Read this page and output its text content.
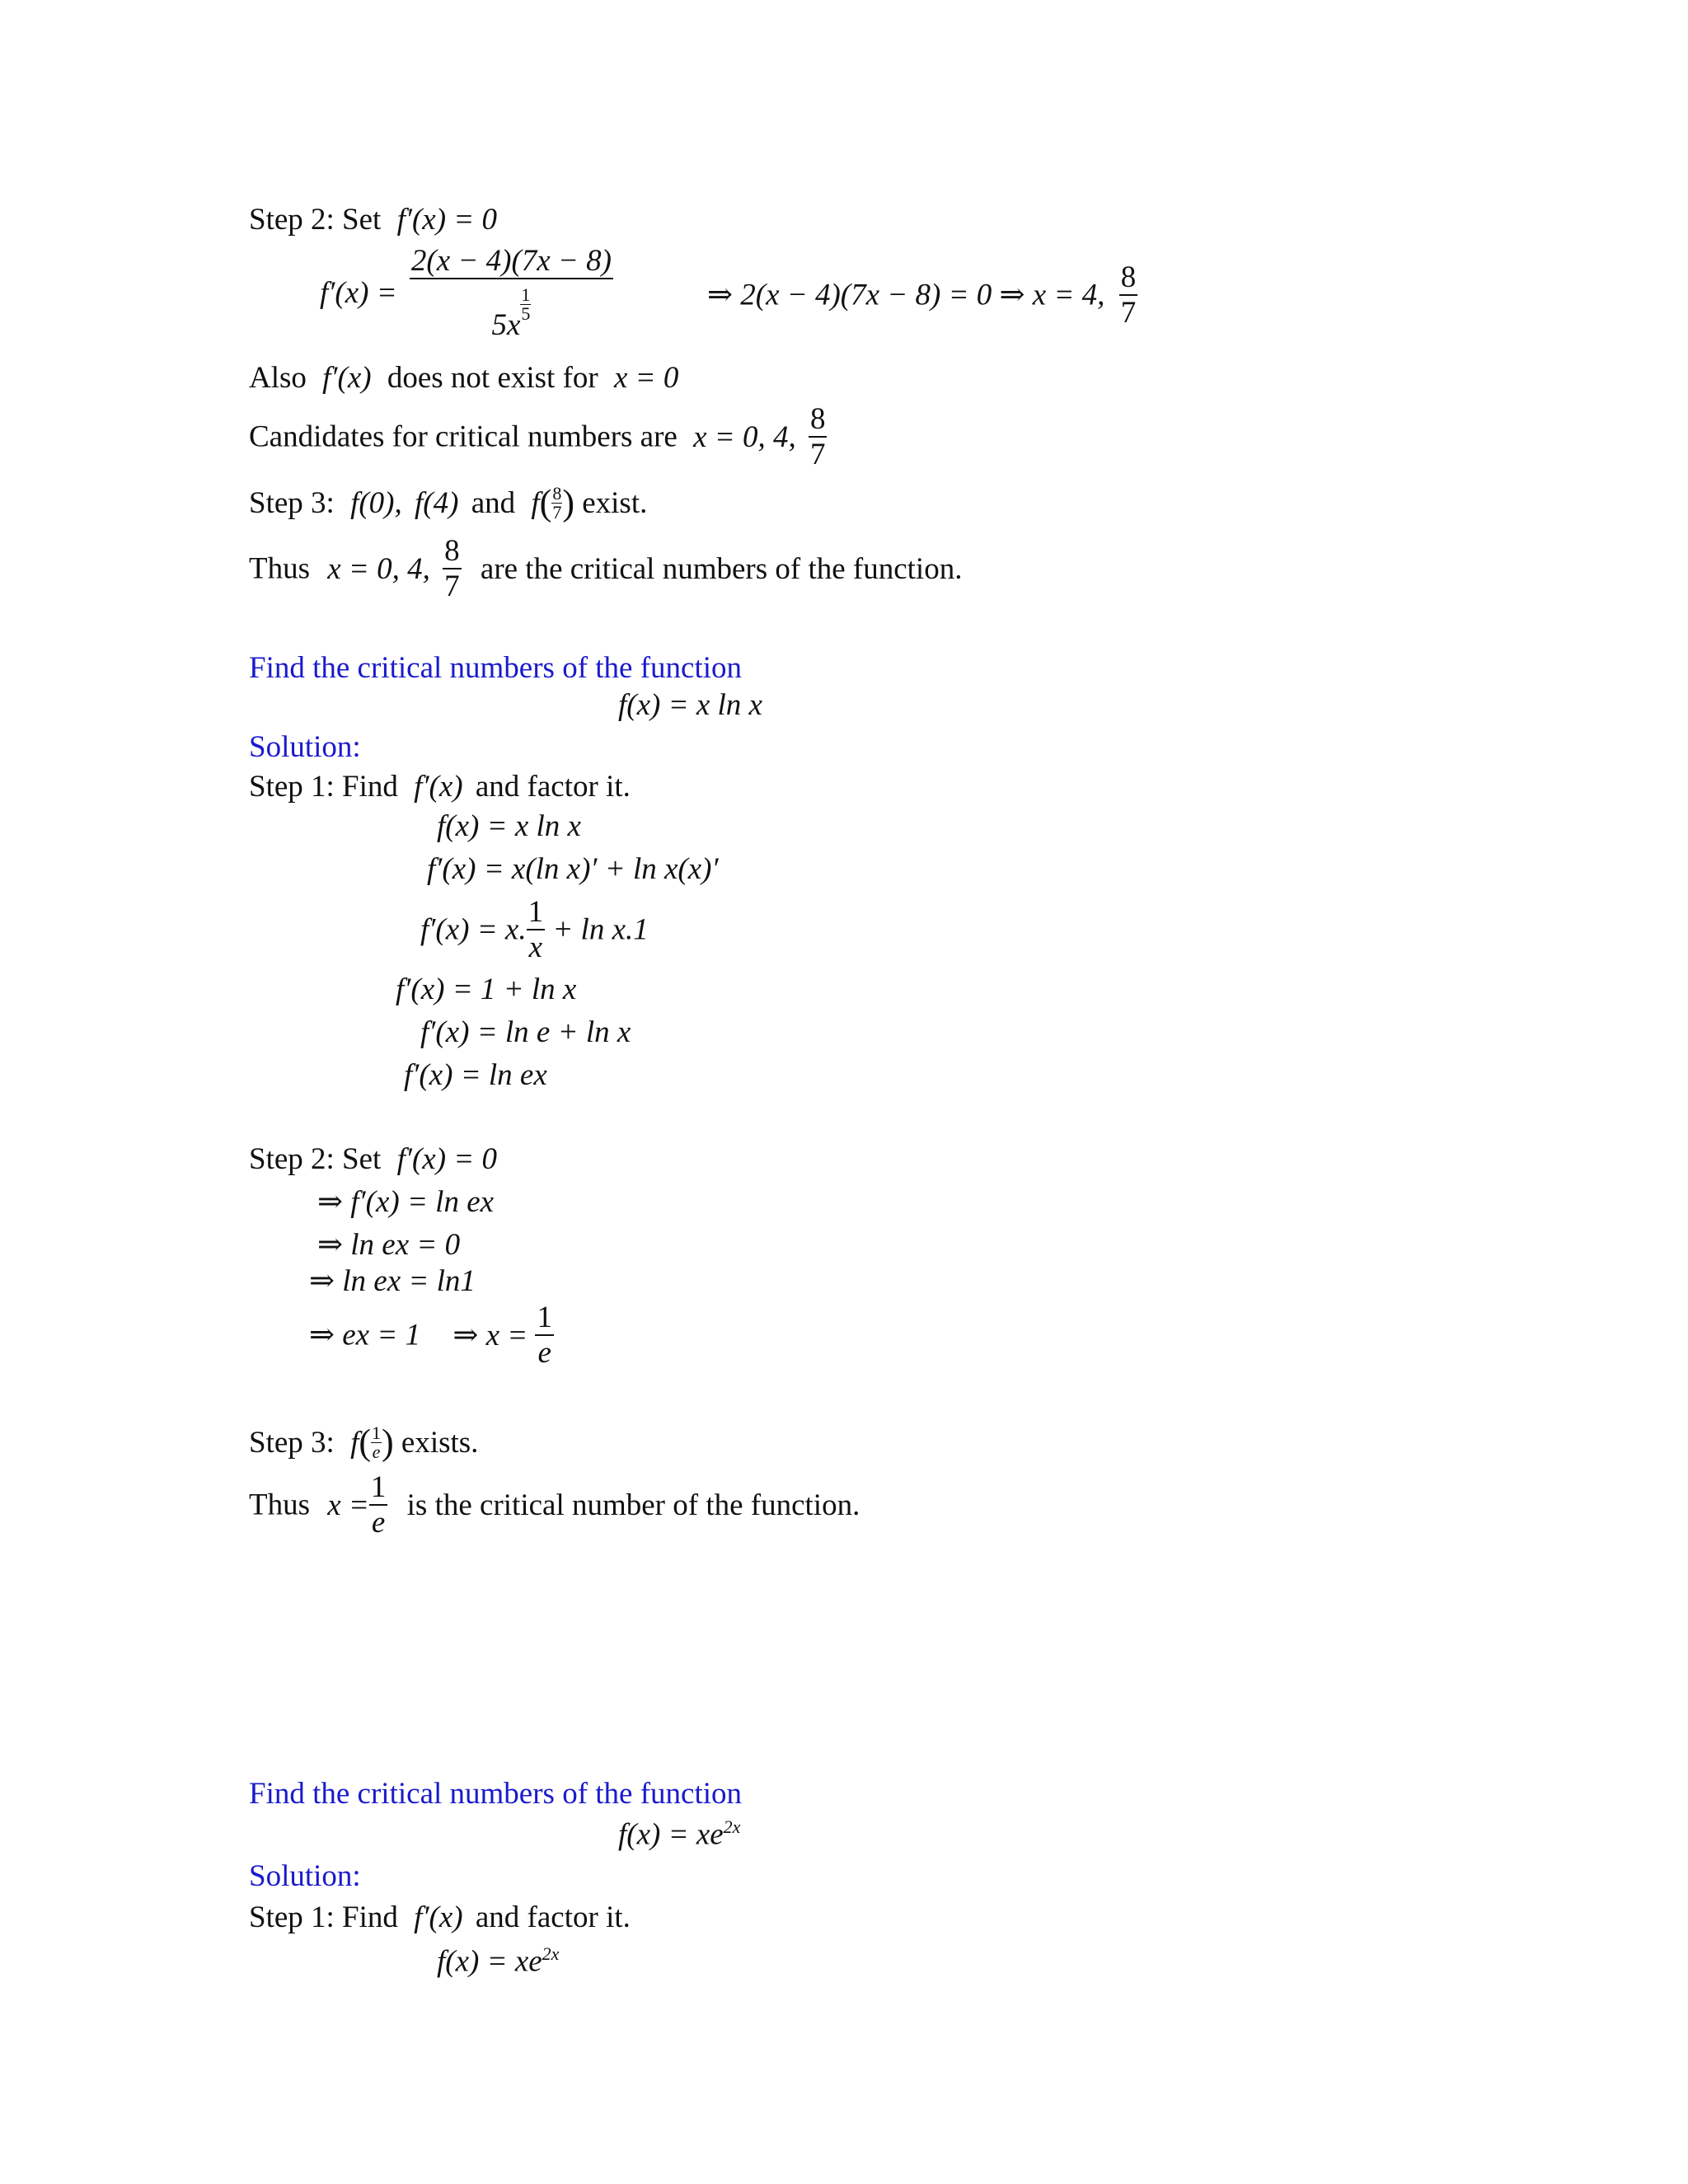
Step 2: Set f′(x) = 0
f′(x) = 2(x − 4)(7x − 8)
5x
$\frac{1}{5}$	⇒ 2(x − 4)(7x − 8) = 0 ⇒ x = 4, $\frac{8}{7}$
Also f′(x) does not exist for x = 0
Candidates for critical numbers are x = 0, 4, $\frac{8}{7}$
Step 3: f(0), f(4) and $f( \frac{8}{7}$ ) exist.
Thus x = 0, 4, $\frac{8}{7}$ are the critical numbers of the function.
Find the critical numbers of the function
f(x) = x ln x
Solution:
Step 1: Find f′(x) and factor it.
f(x) = x ln x
f′(x) = x(ln x)′ + ln x(x)′
f′(x) = x. $\frac{1}{x} + \ln x.1$
f′(x) = 1 + ln x
f′(x) = ln e + ln x
f′(x) = ln ex
Step 2: Set f′(x) = 0
⇒ f′(x) = ln ex
⇒ ln ex = 0
⇒ ln ex = ln1
⇒ ex = 1 ⇒ $x = \frac{1}{e}$
Step 3: $f( \frac{1}{e}$ ) exists.
Thus $x = \frac{1}{e}$ is the critical number of the function.
Find the critical numbers of the function
$f(x) = xe^{2x}$
Solution:
Step 1: Find f′(x) and factor it.
$f(x) = xe^{2x}$
